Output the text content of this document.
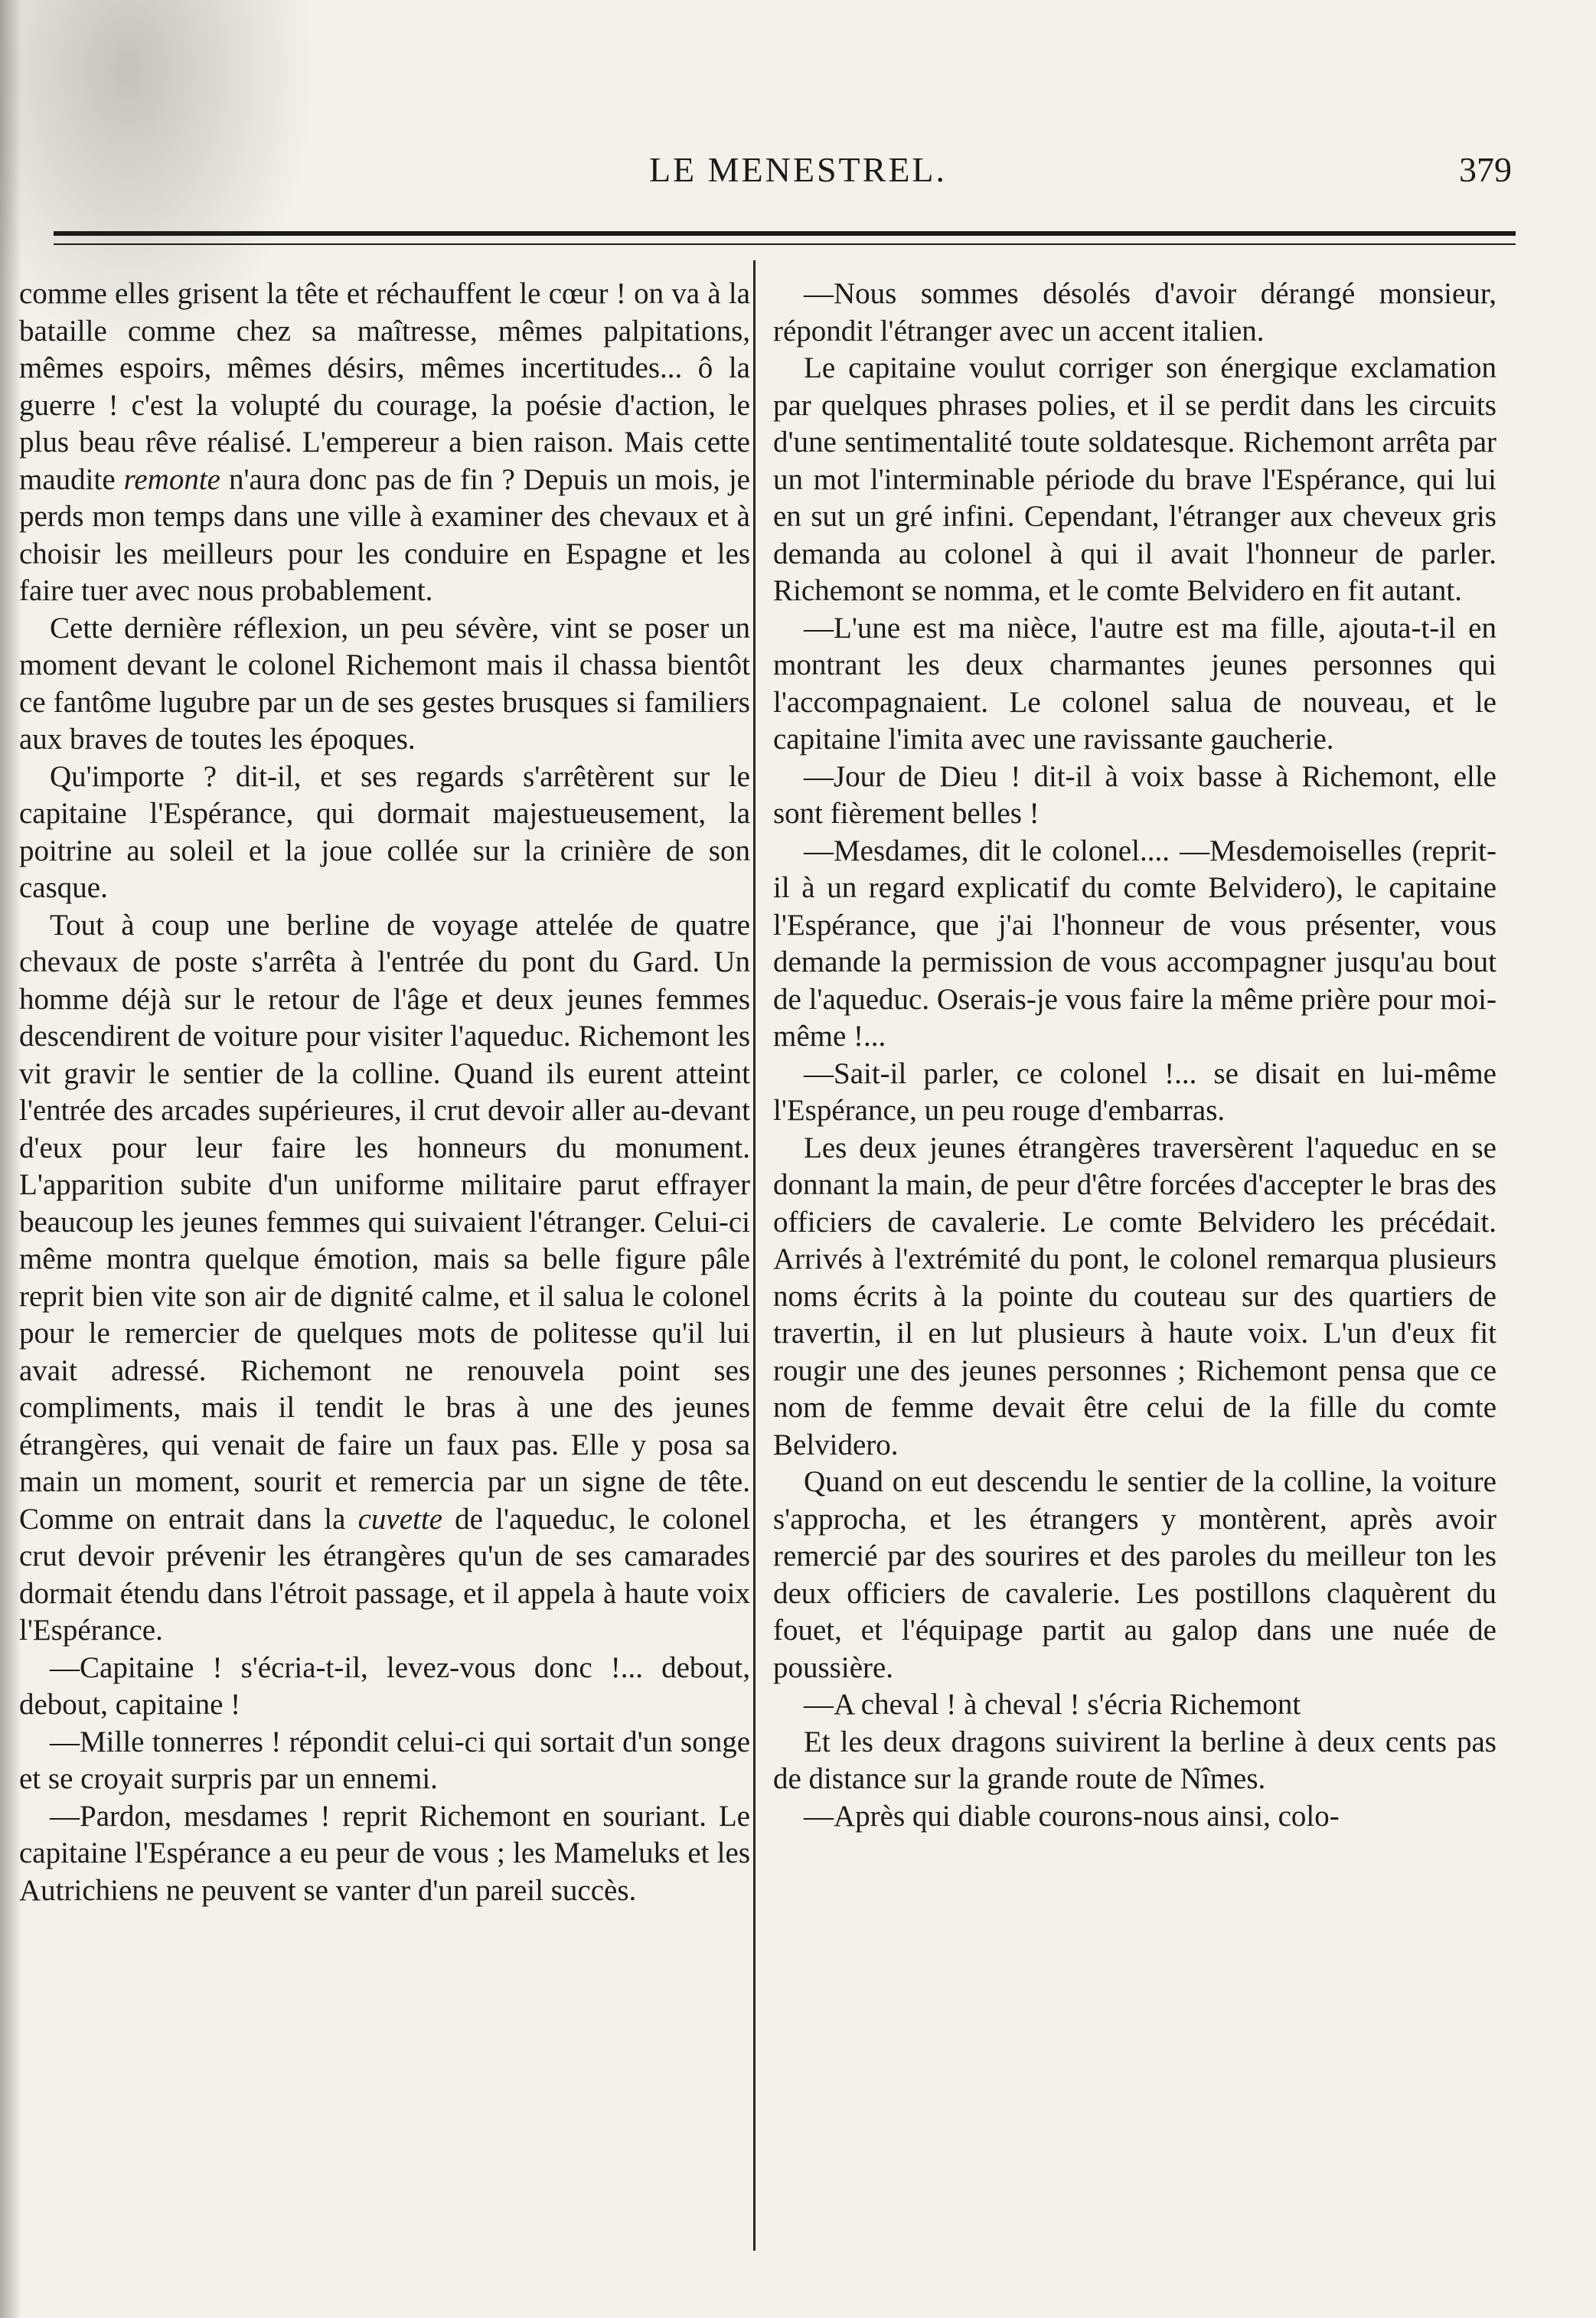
LE MENESTREL.	379

comme elles grisent la tête et réchauffent le cœur ! on va à la bataille comme chez sa maîtresse, mêmes palpitations, mêmes espoirs, mêmes désirs, mêmes incertitudes... ô la guerre ! c'est la volupté du courage, la poésie d'action, le plus beau rêve réalisé. L'empereur a bien raison. Mais cette maudite remonte n'aura donc pas de fin ? Depuis un mois, je perds mon temps dans une ville à examiner des chevaux et à choisir les meilleurs pour les conduire en Espagne et les faire tuer avec nous probablement.

Cette dernière réflexion, un peu sévère, vint se poser un moment devant le colonel Richemont mais il chassa bientôt ce fantôme lugubre par un de ses gestes brusques si familiers aux braves de toutes les époques.

Qu'importe ? dit-il, et ses regards s'arrêtèrent sur le capitaine l'Espérance, qui dormait majestueusement, la poitrine au soleil et la joue collée sur la crinière de son casque.

Tout à coup une berline de voyage attelée de quatre chevaux de poste s'arrêta à l'entrée du pont du Gard. Un homme déjà sur le retour de l'âge et deux jeunes femmes descendirent de voiture pour visiter l'aqueduc. Richemont les vit gravir le sentier de la colline. Quand ils eurent atteint l'entrée des arcades supérieures, il crut devoir aller au-devant d'eux pour leur faire les honneurs du monument. L'apparition subite d'un uniforme militaire parut effrayer beaucoup les jeunes femmes qui suivaient l'étranger. Celui-ci même montra quelque émotion, mais sa belle figure pâle reprit bien vite son air de dignité calme, et il salua le colonel pour le remercier de quelques mots de politesse qu'il lui avait adressé. Richemont ne renouvela point ses compliments, mais il tendit le bras à une des jeunes étrangères, qui venait de faire un faux pas. Elle y posa sa main un moment, sourit et remercia par un signe de tête. Comme on entrait dans la cuvette de l'aqueduc, le colonel crut devoir prévenir les étrangères qu'un de ses camarades dormait étendu dans l'étroit passage, et il appela à haute voix l'Espérance.

—Capitaine ! s'écria-t-il, levez-vous donc !... debout, debout, capitaine !

—Mille tonnerres ! répondit celui-ci qui sortait d'un songe et se croyait surpris par un ennemi.

—Pardon, mesdames ! reprit Richemont en souriant. Le capitaine l'Espérance a eu peur de vous ; les Mameluks et les Autrichiens ne peuvent se vanter d'un pareil succès.

—Nous sommes désolés d'avoir dérangé monsieur, répondit l'étranger avec un accent italien.

Le capitaine voulut corriger son énergique exclamation par quelques phrases polies, et il se perdit dans les circuits d'une sentimentalité toute soldatesque. Richemont arrêta par un mot l'interminable période du brave l'Espérance, qui lui en sut un gré infini. Cependant, l'étranger aux cheveux gris demanda au colonel à qui il avait l'honneur de parler. Richemont se nomma, et le comte Belvidero en fit autant.

—L'une est ma nièce, l'autre est ma fille, ajouta-t-il en montrant les deux charmantes jeunes personnes qui l'accompagnaient. Le colonel salua de nouveau, et le capitaine l'imita avec une ravissante gaucherie.

—Jour de Dieu ! dit-il à voix basse à Richemont, elle sont fièrement belles !

—Mesdames, dit le colonel.... —Mesdemoiselles (reprit-il à un regard explicatif du comte Belvidero), le capitaine l'Espérance, que j'ai l'honneur de vous présenter, vous demande la permission de vous accompagner jusqu'au bout de l'aqueduc. Oserais-je vous faire la même prière pour moi-même !...

—Sait-il parler, ce colonel !... se disait en lui-même l'Espérance, un peu rouge d'embarras.

Les deux jeunes étrangères traversèrent l'aqueduc en se donnant la main, de peur d'être forcées d'accepter le bras des officiers de cavalerie. Le comte Belvidero les précédait. Arrivés à l'extrémité du pont, le colonel remarqua plusieurs noms écrits à la pointe du couteau sur des quartiers de travertin, il en lut plusieurs à haute voix. L'un d'eux fit rougir une des jeunes personnes ; Richemont pensa que ce nom de femme devait être celui de la fille du comte Belvidero.

Quand on eut descendu le sentier de la colline, la voiture s'approcha, et les étrangers y montèrent, après avoir remercié par des sourires et des paroles du meilleur ton les deux officiers de cavalerie. Les postillons claquèrent du fouet, et l'équipage partit au galop dans une nuée de poussière.

—A cheval ! à cheval ! s'écria Richemont

Et les deux dragons suivirent la berline à deux cents pas de distance sur la grande route de Nîmes.

—Après qui diable courons-nous ainsi, colo-
